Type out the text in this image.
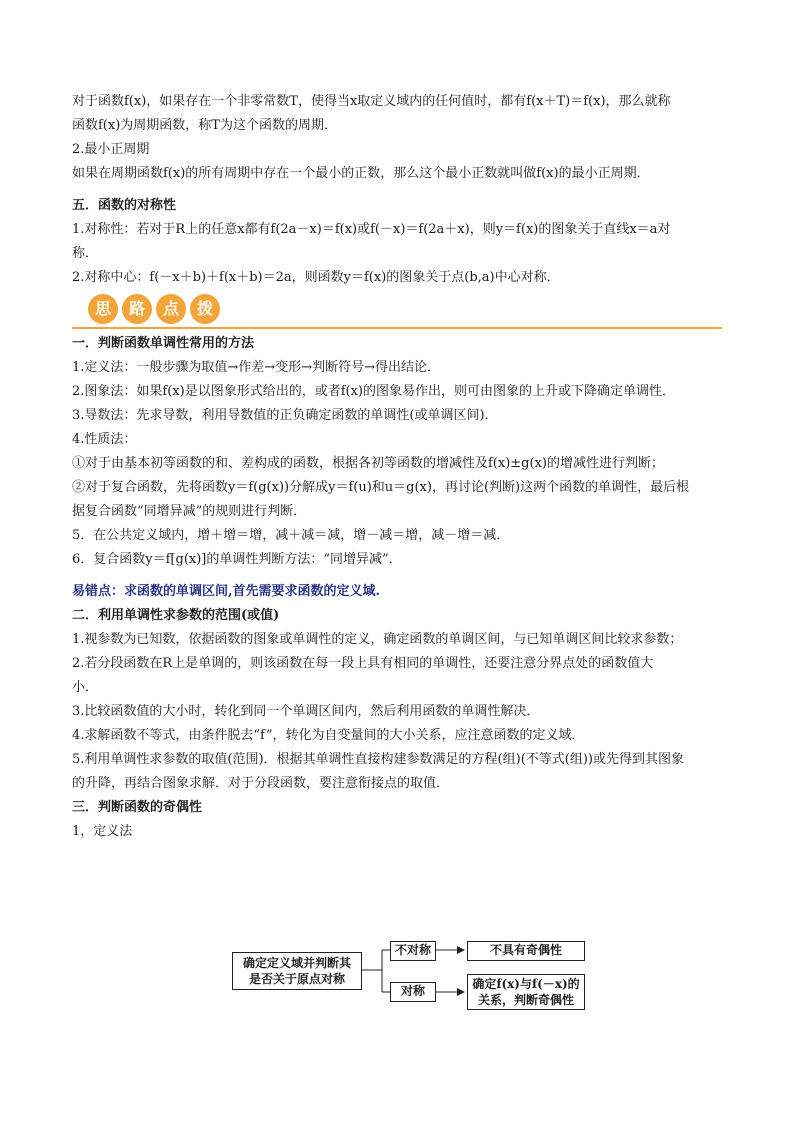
对于函数f(x)，如果存在一个非零常数T，使得当x取定义域内的任何值时，都有f(x＋T)＝f(x)，那么就称

函数f(x)为周期函数，称T为这个函数的周期．

2.最小正周期

如果在周期函数f(x)的所有周期中存在一个最小的正数，那么这个最小正数就叫做f(x)的最小正周期．

五．函数的对称性

1.对称性：若对于R上的任意x都有f(2a－x)＝f(x)或f(－x)＝f(2a＋x)，则y＝f(x)的图象关于直线x＝a对

称．

2.对称中心：f(－x＋b)＋f(x＋b)＝2a，则函数y＝f(x)的图象关于点(b,a)中心对称．

思	路	点	拨

一．判断函数单调性常用的方法

1.定义法：一般步骤为取值→作差→变形→判断符号→得出结论．

2.图象法：如果f(x)是以图象形式给出的，或者f(x)的图象易作出，则可由图象的上升或下降确定单调性．

3.导数法：先求导数，利用导数值的正负确定函数的单调性(或单调区间)．

4.性质法：

①对于由基本初等函数的和、差构成的函数，根据各初等函数的增减性及f(x)±g(x)的增减性进行判断；

②对于复合函数，先将函数y＝f(g(x))分解成y＝f(u)和u＝g(x)，再讨论(判断)这两个函数的单调性，最后根

据复合函数“同增异减”的规则进行判断．

5．在公共定义域内，增＋增＝增，减＋减＝减，增－减＝增，减－增＝减．

6．复合函数y＝f[g(x)]的单调性判断方法：“同增异减”．

易错点：求函数的单调区间,首先需要求函数的定义域.

二．利用单调性求参数的范围(或值)

1.视参数为已知数，依据函数的图象或单调性的定义，确定函数的单调区间，与已知单调区间比较求参数；

2.若分段函数在R上是单调的，则该函数在每一段上具有相同的单调性，还要注意分界点处的函数值大

小．

3.比较函数值的大小时，转化到同一个单调区间内，然后利用函数的单调性解决．

4.求解函数不等式，由条件脱去“f”，转化为自变量间的大小关系，应注意函数的定义域．

5.利用单调性求参数的取值(范围)．根据其单调性直接构建参数满足的方程(组)(不等式(组))或先得到其图象

的升降，再结合图象求解．对于分段函数，要注意衔接点的取值．

三．判断函数的奇偶性

1，定义法

确定定义域并判断其
是否关于原点对称
不对称	不具有奇偶性
对称	确定f(x)与f(－x)的
关系，判断奇偶性
